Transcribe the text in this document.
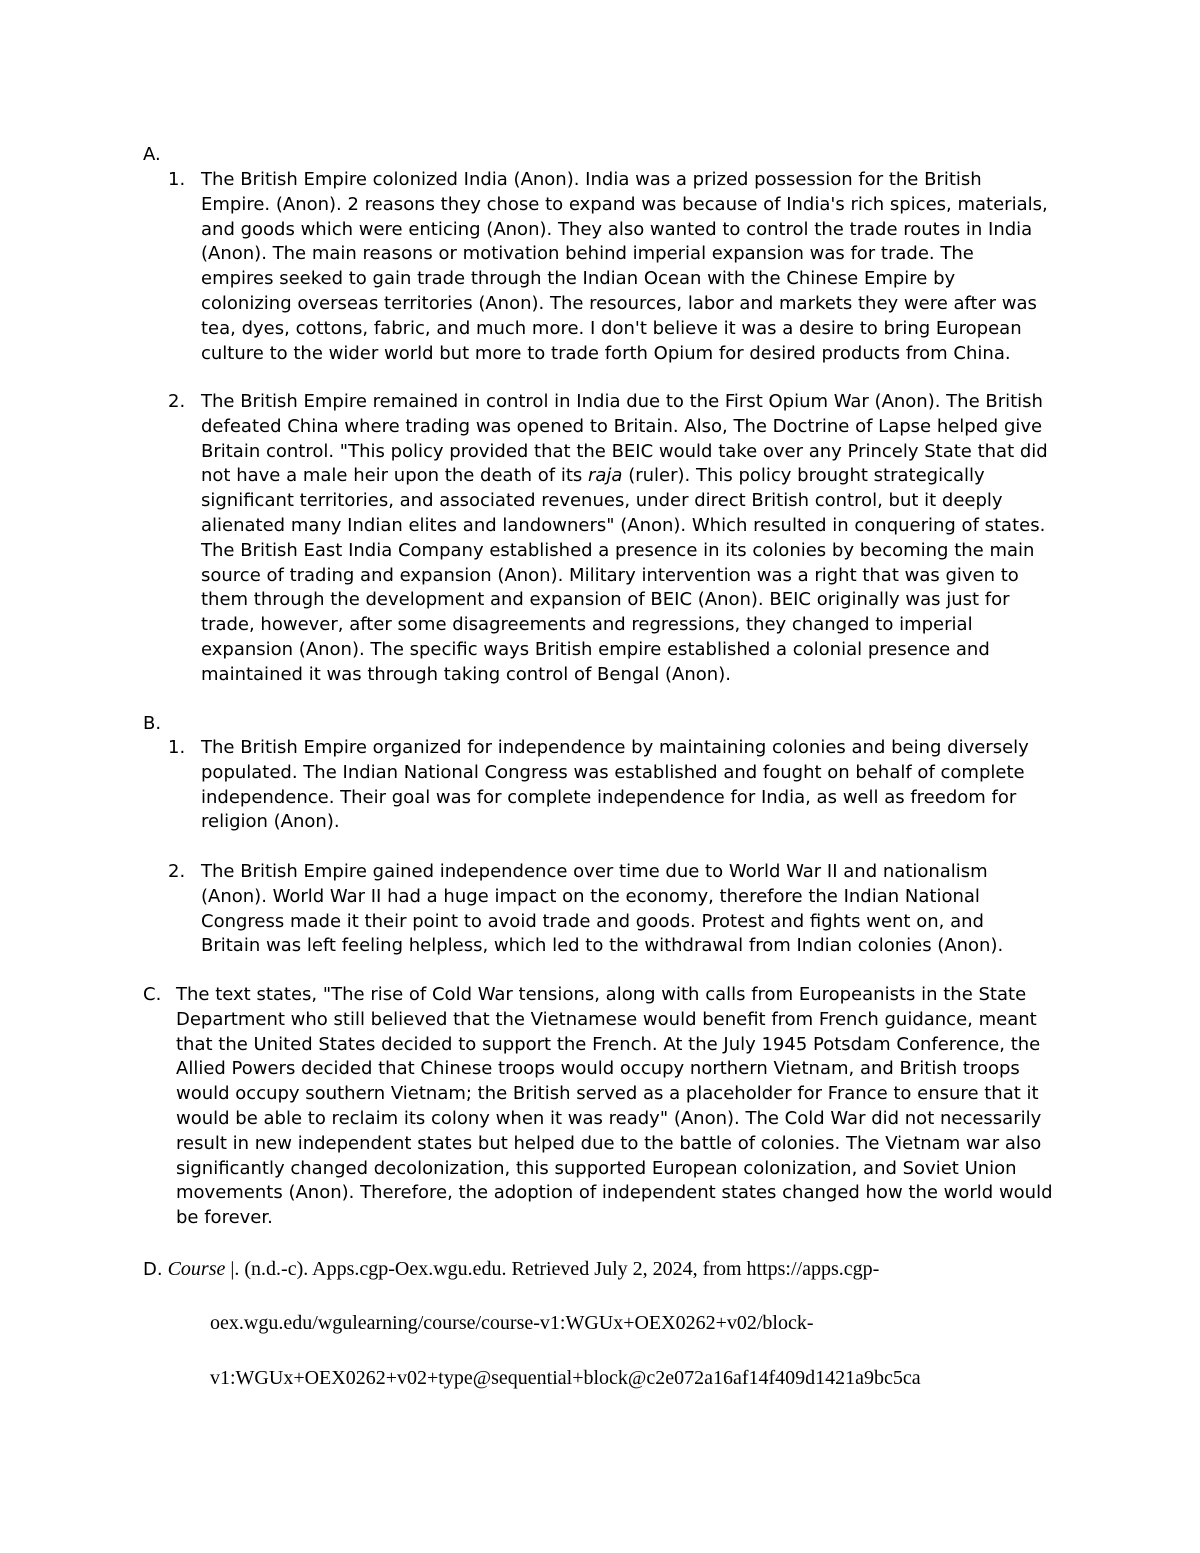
A.
1. The British Empire colonized India (Anon). India was a prized possession for the British Empire. (Anon). 2 reasons they chose to expand was because of India's rich spices, materials, and goods which were enticing (Anon). They also wanted to control the trade routes in India (Anon). The main reasons or motivation behind imperial expansion was for trade. The empires seeked to gain trade through the Indian Ocean with the Chinese Empire by colonizing overseas territories (Anon). The resources, labor and markets they were after was tea, dyes, cottons, fabric, and much more. I don't believe it was a desire to bring European culture to the wider world but more to trade forth Opium for desired products from China.
2. The British Empire remained in control in India due to the First Opium War (Anon). The British defeated China where trading was opened to Britain. Also, The Doctrine of Lapse helped give Britain control. "This policy provided that the BEIC would take over any Princely State that did not have a male heir upon the death of its raja (ruler). This policy brought strategically significant territories, and associated revenues, under direct British control, but it deeply alienated many Indian elites and landowners" (Anon). Which resulted in conquering of states. The British East India Company established a presence in its colonies by becoming the main source of trading and expansion (Anon). Military intervention was a right that was given to them through the development and expansion of BEIC (Anon). BEIC originally was just for trade, however, after some disagreements and regressions, they changed to imperial expansion (Anon). The specific ways British empire established a colonial presence and maintained it was through taking control of Bengal (Anon).
B.
1. The British Empire organized for independence by maintaining colonies and being diversely populated. The Indian National Congress was established and fought on behalf of complete independence. Their goal was for complete independence for India, as well as freedom for religion (Anon).
2. The British Empire gained independence over time due to World War II and nationalism (Anon). World War II had a huge impact on the economy, therefore the Indian National Congress made it their point to avoid trade and goods. Protest and fights went on, and Britain was left feeling helpless, which led to the withdrawal from Indian colonies (Anon).
C. The text states, "The rise of Cold War tensions, along with calls from Europeanists in the State Department who still believed that the Vietnamese would benefit from French guidance, meant that the United States decided to support the French. At the July 1945 Potsdam Conference, the Allied Powers decided that Chinese troops would occupy northern Vietnam, and British troops would occupy southern Vietnam; the British served as a placeholder for France to ensure that it would be able to reclaim its colony when it was ready" (Anon). The Cold War did not necessarily result in new independent states but helped due to the battle of colonies. The Vietnam war also significantly changed decolonization, this supported European colonization, and Soviet Union movements (Anon). Therefore, the adoption of independent states changed how the world would be forever.
D. Course |. (n.d.-c). Apps.cgp-Oex.wgu.edu. Retrieved July 2, 2024, from https://apps.cgp-
oex.wgu.edu/wgulearning/course/course-v1:WGUx+OEX0262+v02/block-
v1:WGUx+OEX0262+v02+type@sequential+block@c2e072a16af14f409d1421a9bc5ca
